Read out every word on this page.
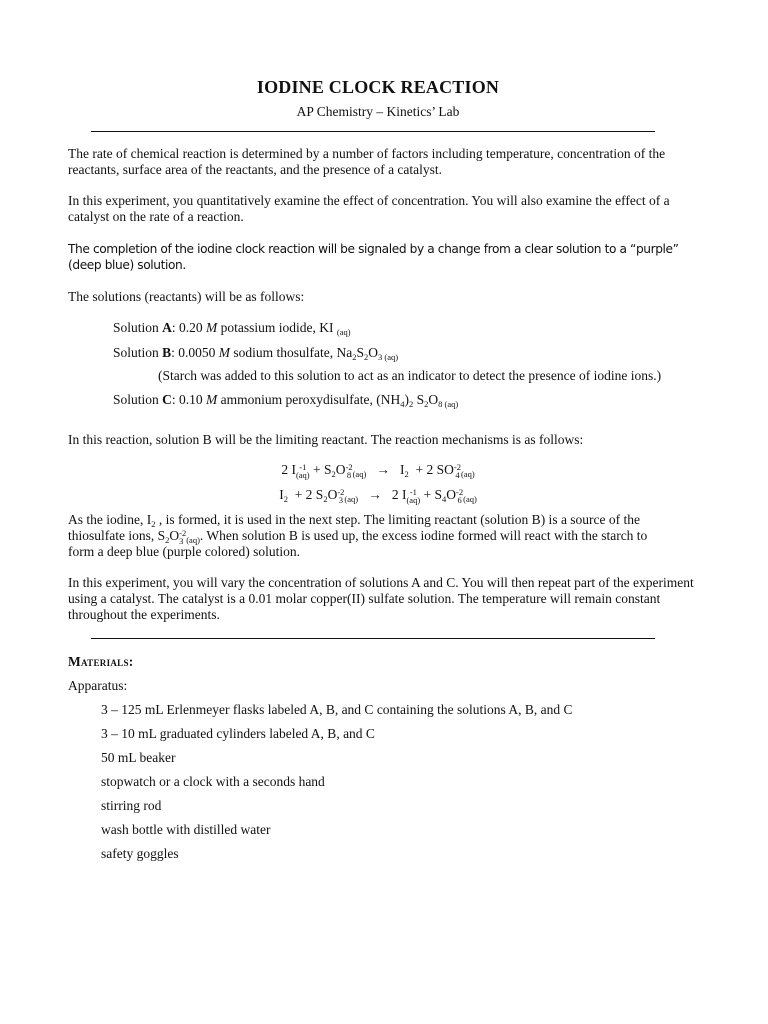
IODINE CLOCK REACTION
AP Chemistry – Kinetics’ Lab
The rate of chemical reaction is determined by a number of factors including temperature, concentration of the reactants, surface area of the reactants, and the presence of a catalyst.
In this experiment, you quantitatively examine the effect of concentration. You will also examine the effect of a catalyst on the rate of a reaction.
The completion of the iodine clock reaction will be signaled by a change from a clear solution to a “purple” (deep blue) solution.
The solutions (reactants) will be as follows:
Solution A: 0.20 M potassium iodide, KI $_{(aq)}$
Solution B: 0.0050 M sodium thosulfate, $Na_2S_2O_3$ $_{(aq)}$
(Starch was added to this solution to act as an indicator to detect the presence of iodine ions.)
Solution C: 0.10 M ammonium peroxydisulfate, $(NH_4)_2$ $S_2O_{8 (aq)}$
In this reaction, solution B will be the limiting reactant. The reaction mechanisms is as follows:
2 I -1
$(aq) + S_2O$ -2
8 $_{(aq)} \to I_2 + 2$ SO -2
4 $_{(aq)}$
$I_2 + 2$ $S_2O$ -2
3 $_{(aq)}$ → 2 I -1
$(aq) + S_4O$ -2
6 $_{(aq)}$
As the iodine, $I_2$ , is formed, it is used in the next step. The limiting reactant (solution B) is a source of the
thiosulfate ions, $S_2O$ -2
3 $_{(aq)}$. When solution B is used up, the excess iodine formed will react with the starch to
form a deep blue (purple colored) solution.
In this experiment, you will vary the concentration of solutions A and C. You will then repeat part of the experiment using a catalyst. The catalyst is a 0.01 molar copper(II) sulfate solution. The temperature will remain constant throughout the experiments.
Materials:
Apparatus:
3 – 125 mL Erlenmeyer flasks labeled A, B, and C containing the solutions A, B, and C
3 – 10 mL graduated cylinders labeled A, B, and C
50 mL beaker
stopwatch or a clock with a seconds hand
stirring rod
wash bottle with distilled water
safety goggles
